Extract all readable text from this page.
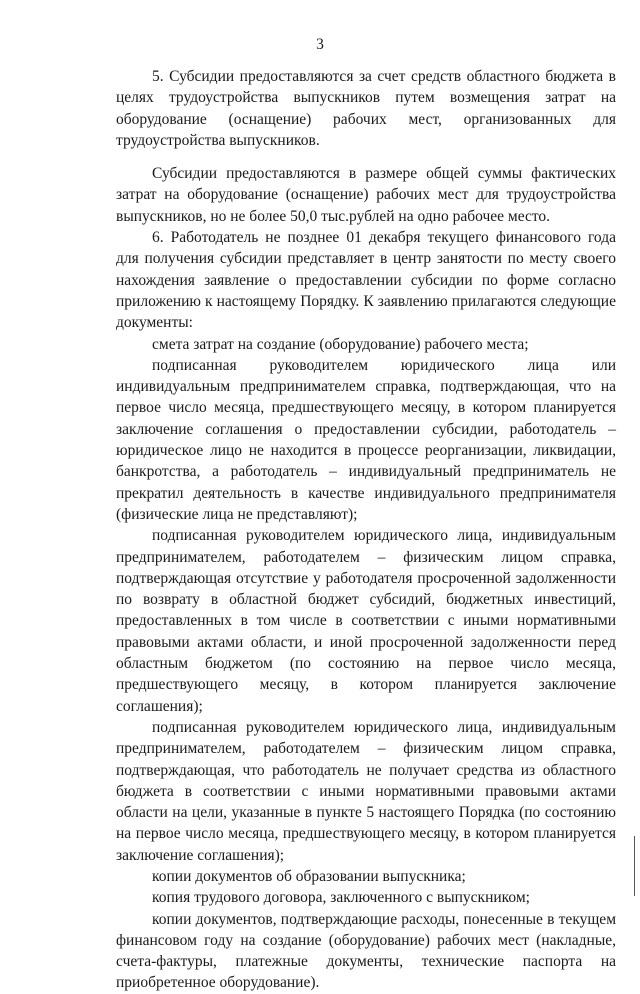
3

5. Субсидии предоставляются за счет средств областного бюджета в целях трудоустройства выпускников путем возмещения затрат на оборудование (оснащение) рабочих мест, организованных для трудоустройства выпускников.

Субсидии предоставляются в размере общей суммы фактических затрат на оборудование (оснащение) рабочих мест для трудоустройства выпускников, но не более 50,0 тыс.рублей на одно рабочее место.

6. Работодатель не позднее 01 декабря текущего финансового года для получения субсидии представляет в центр занятости по месту своего нахождения заявление о предоставлении субсидии по форме согласно приложению к настоящему Порядку. К заявлению прилагаются следующие документы:

смета затрат на создание (оборудование) рабочего места;

подписанная руководителем юридического лица или индивидуальным предпринимателем справка, подтверждающая, что на первое число месяца, предшествующего месяцу, в котором планируется заключение соглашения о предоставлении субсидии, работодатель – юридическое лицо не находится в процессе реорганизации, ликвидации, банкротства, а работодатель – индивидуальный предприниматель не прекратил деятельность в качестве индивидуального предпринимателя (физические лица не представляют);

подписанная руководителем юридического лица, индивидуальным предпринимателем, работодателем – физическим лицом справка, подтверждающая отсутствие у работодателя просроченной задолженности по возврату в областной бюджет субсидий, бюджетных инвестиций, предоставленных в том числе в соответствии с иными нормативными правовыми актами области, и иной просроченной задолженности перед областным бюджетом (по состоянию на первое число месяца, предшествующего месяцу, в котором планируется заключение соглашения);

подписанная руководителем юридического лица, индивидуальным предпринимателем, работодателем – физическим лицом справка, подтверждающая, что работодатель не получает средства из областного бюджета в соответствии с иными нормативными правовыми актами области на цели, указанные в пункте 5 настоящего Порядка (по состоянию на первое число месяца, предшествующего месяцу, в котором планируется заключение соглашения);

копии документов об образовании выпускника;

копия трудового договора, заключенного с выпускником;

копии документов, подтверждающие расходы, понесенные в текущем финансовом году на создание (оборудование) рабочих мест (накладные, счета-фактуры, платежные документы, технические паспорта на приобретенное оборудование).
